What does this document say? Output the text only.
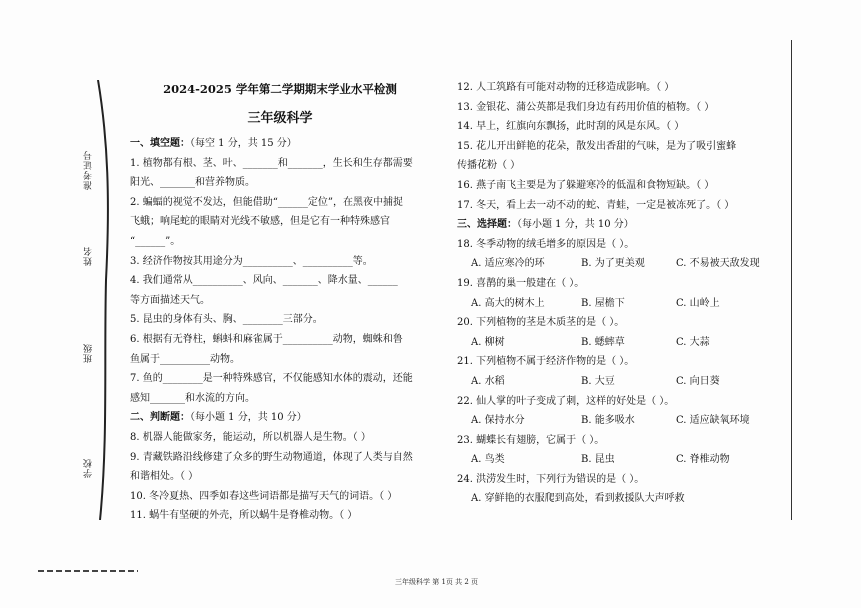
准考证号
姓名
班级
学校
2024-2025 学年第二学期期末学业水平检测
三年级科学
一、填空题：（每空 1 分，共 15 分）
1. 植物都有根、茎、叶、_______和_______，生长和生存都需要
阳光、_______和营养物质。
2. 蝙蝠的视觉不发达，但能借助“______定位”，在黑夜中捕捉
飞蛾；响尾蛇的眼睛对光线不敏感，但是它有一种特殊感官
“______”。
3. 经济作物按其用途分为__________、__________等。
4. 我们通常从__________、风向、_______、降水量、______
等方面描述天气。
5. 昆虫的身体有头、胸、________三部分。
6. 根据有无脊柱，蝌蚪和麻雀属于__________动物，蜘蛛和鲁
鱼属于__________动物。
7. 鱼的________是一种特殊感官，不仅能感知水体的震动，还能
感知_______和水流的方向。
二、判断题：（每小题 1 分，共 10 分）
8. 机器人能做家务，能运动，所以机器人是生物。（ ）
9. 青藏铁路沿线修建了众多的野生动物通道，体现了人类与自然
和谐相处。（ ）
10. 冬冷夏热、四季如春这些词语都是描写天气的词语。（ ）
11. 蜗牛有坚硬的外壳，所以蜗牛是脊椎动物。（ ）
12. 人工筑路有可能对动物的迁移造成影响。（ ）
13. 金银花、蒲公英都是我们身边有药用价值的植物。（ ）
14. 早上，红旗向东飘扬，此时刮的风是东风。（ ）
15. 花儿开出鲜艳的花朵，散发出香甜的气味，是为了吸引蜜蜂
传播花粉（ ）
16. 燕子南飞主要是为了躲避寒冷的低温和食物短缺。（ ）
17. 冬天，看上去一动不动的蛇、青蛙，一定是被冻死了。（ ）
三、选择题：（每小题 1 分，共 10 分）
18. 冬季动物的绒毛增多的原因是（ ）。
A. 适应寒冷的环	B. 为了更美观	C. 不易被天敌发现
19. 喜鹊的巢一般建在（ ）。
A. 高大的树木上	B. 屋檐下	C. 山岭上
20. 下列植物的茎是木质茎的是（ ）。
A. 柳树	B. 蟋蟀草	C. 大蒜
21. 下列植物不属于经济作物的是（ ）。
A. 水稻	B. 大豆	C. 向日葵
22. 仙人掌的叶子变成了刺，这样的好处是（ ）。
A. 保持水分	B. 能多吸水	C. 适应缺氧环境
23. 蝴蝶长有翅膀，它属于（ ）。
A. 鸟类	B. 昆虫	C. 脊椎动物
24. 洪涝发生时，下列行为错误的是（ ）。
A. 穿鲜艳的衣服爬到高处，看到救援队大声呼救
三年级科学 第 1页 共 2 页
